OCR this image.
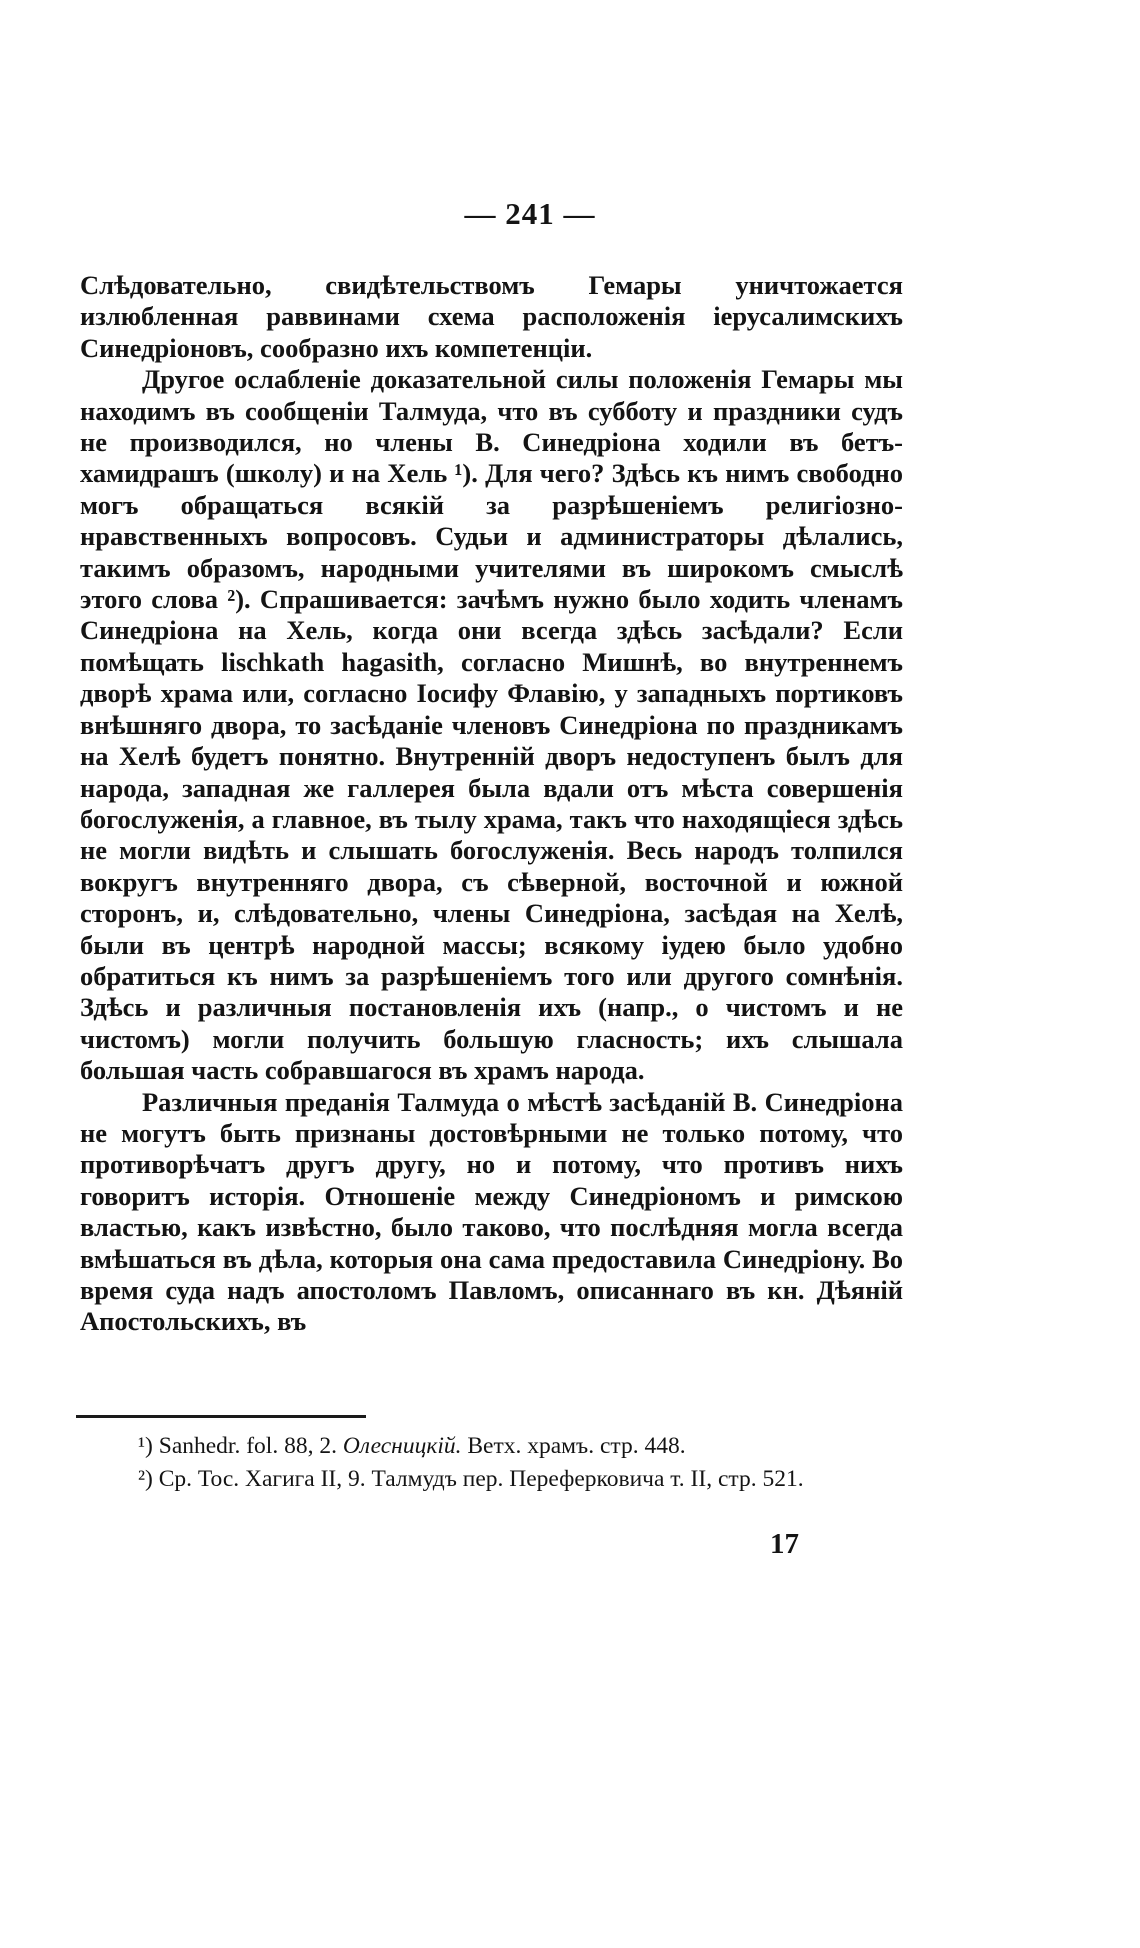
— 241 —

Слѣдовательно, свидѣтельствомъ Гемары уничтожается излюбленная раввинами схема расположенія іерусалимскихъ Синедріоновъ, сообразно ихъ компетенціи.

Другое ослабленіе доказательной силы положенія Гемары мы находимъ въ сообщеніи Талмуда, что въ субботу и праздники судъ не производился, но члены В. Синедріона ходили въ бетъ-хамидрашъ (школу) и на Хель ¹). Для чего? Здѣсь къ нимъ свободно могъ обращаться всякій за разрѣшеніемъ религіозно-нравственныхъ вопросовъ. Судьи и администраторы дѣлались, такимъ образомъ, народными учителями въ широкомъ смыслѣ этого слова ²). Спрашивается: зачѣмъ нужно было ходить членамъ Синедріона на Хель, когда они всегда здѣсь засѣдали? Если помѣщать lischkath hagasith, согласно Мишнѣ, во внутреннемъ дворѣ храма или, согласно Іосифу Флавію, у западныхъ портиковъ внѣшняго двора, то засѣданіе членовъ Синедріона по праздникамъ на Хелѣ будетъ понятно. Внутренній дворъ недоступенъ былъ для народа, западная же галлерея была вдали отъ мѣста совершенія богослуженія, а главное, въ тылу храма, такъ что находящіеся здѣсь не могли видѣть и слышать богослуженія. Весь народъ толпился вокругъ внутренняго двора, съ сѣверной, восточной и южной сторонъ, и, слѣдовательно, члены Синедріона, засѣдая на Хелѣ, были въ центрѣ народной массы; всякому іудею было удобно обратиться къ нимъ за разрѣшеніемъ того или другого сомнѣнія. Здѣсь и различныя постановленія ихъ (напр., о чистомъ и не чистомъ) могли получить большую гласность; ихъ слышала большая часть собравшагося въ храмъ народа.

Различныя преданія Талмуда о мѣстѣ засѣданій В. Синедріона не могутъ быть признаны достовѣрными не только потому, что противорѣчатъ другъ другу, но и потому, что противъ нихъ говоритъ исторія. Отношеніе между Синедріономъ и римскою властью, какъ извѣстно, было таково, что послѣдняя могла всегда вмѣшаться въ дѣла, которыя она сама предоставила Синедріону. Во время суда надъ апостоломъ Павломъ, описаннаго въ кн. Дѣяній Апостольскихъ, въ

¹) Sanhedr. fol. 88, 2. Олесницкій. Ветх. храмъ. стр. 448.

²) Ср. Тос. Хагига II, 9. Талмудъ пер. Переферковича т. II, стр. 521.

17
